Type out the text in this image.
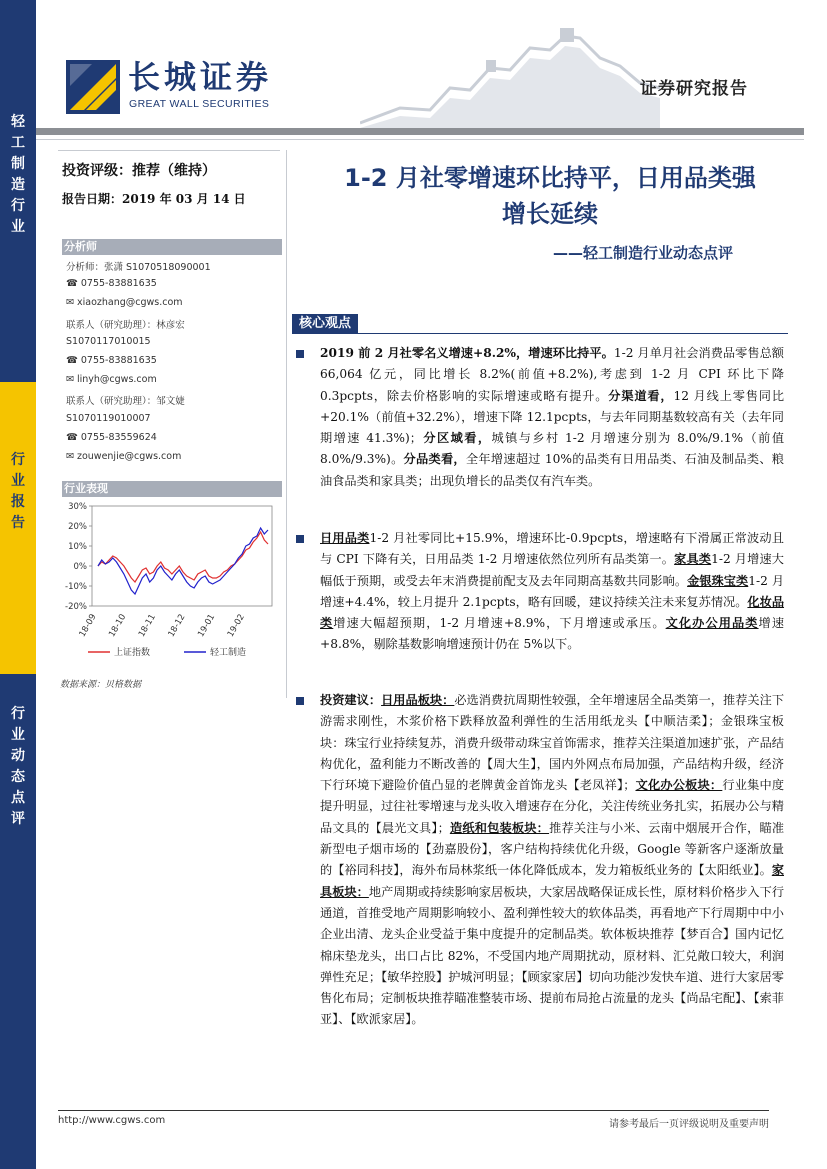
轻
工
制
造
行
业
行
业
报
告
行
业
动
态
点
评
长城证券
GREAT WALL SECURITIES
证券研究报告
投资评级：推荐（维持）
报告日期：2019 年 03 月 14 日
分析师
分析师：张潇 S1070518090001
☎ 0755-83881635
✉ xiaozhang@cgws.com
联系人（研究助理）：林彦宏
S1070117010015
☎ 0755-83881635
✉ linyh@cgws.com
联系人（研究助理）：邹文婕
S1070119010007
☎ 0755-83559624
✉ zouwenjie@cgws.com
行业表现
30%
20%
10%
0%
-10%
-20%
18-09 18-10 18-11 18-12 19-01 19-02
上证指数	轻工制造
数据来源：贝格数据
1-2 月社零增速环比持平，日用品类强
增长延续
——轻工制造行业动态点评
核心观点
2019 前 2 月社零名义增速+8.2%，增速环比持平。1-2 月单月社会消费品零售总额 66,064 亿元，同比增长 8.2%(前值+8.2%),考虑到 1-2 月 CPI 环比下降 0.3pcpts，除去价格影响的实际增速或略有提升。分渠道看，12 月线上零售同比+20.1%（前值+32.2%），增速下降 12.1pcpts，与去年同期基数较高有关（去年同期增速 41.3%)；分区域看，城镇与乡村 1-2 月增速分别为 8.0%/9.1%（前值 8.0%/9.3%)。分品类看，全年增速超过 10%的品类有日用品类、石油及制品类、粮油食品类和家具类；出现负增长的品类仅有汽车类。
日用品类1-2 月社零同比+15.9%，增速环比-0.9pcpts，增速略有下滑属正常波动且与 CPI 下降有关，日用品类 1-2 月增速依然位列所有品类第一。家具类1-2 月增速大幅低于预期，或受去年末消费提前配支及去年同期高基数共同影响。金银珠宝类1-2 月增速+4.4%，较上月提升 2.1pcpts，略有回暖，建议持续关注未来复苏情况。化妆品类增速大幅超预期，1-2 月增速+8.9%，下月增速或承压。文化办公用品类增速+8.8%，剔除基数影响增速预计仍在 5%以下。
投资建议：日用品板块：必选消费抗周期性较强，全年增速居全品类第一，推荐关注下游需求刚性，木浆价格下跌释放盈利弹性的生活用纸龙头【中顺洁柔】；金银珠宝板块：珠宝行业持续复苏，消费升级带动珠宝首饰需求，推荐关注渠道加速扩张，产品结构优化，盈利能力不断改善的【周大生】，国内外网点布局加强，产品结构升级，经济下行环境下避险价值凸显的老牌黄金首饰龙头【老凤祥】；文化办公板块：行业集中度提升明显，过往社零增速与龙头收入增速存在分化，关注传统业务扎实，拓展办公与精品文具的【晨光文具】；造纸和包装板块：推荐关注与小米、云南中烟展开合作，瞄准新型电子烟市场的【劲嘉股份】，客户结构持续优化升级，Google 等新客户逐渐放量的【裕同科技】，海外布局林浆纸一体化降低成本，发力箱板纸业务的【太阳纸业】。家具板块：地产周期或持续影响家居板块，大家居战略保证成长性，原材料价格步入下行通道，首推受地产周期影响较小、盈利弹性较大的软体品类，再看地产下行周期中中小企业出清、龙头企业受益于集中度提升的定制品类。软体板块推荐【梦百合】国内记忆棉床垫龙头，出口占比 82%，不受国内地产周期扰动，原材料、汇兑敞口较大，利润弹性充足；【敏华控股】护城河明显；【顾家家居】切向功能沙发快车道、进行大家居零售化布局；定制板块推荐瞄准整装市场、提前布局抢占流量的龙头【尚品宅配】、【索菲亚】、【欧派家居】。
http://www.cgws.com	请参考最后一页评级说明及重要声明
